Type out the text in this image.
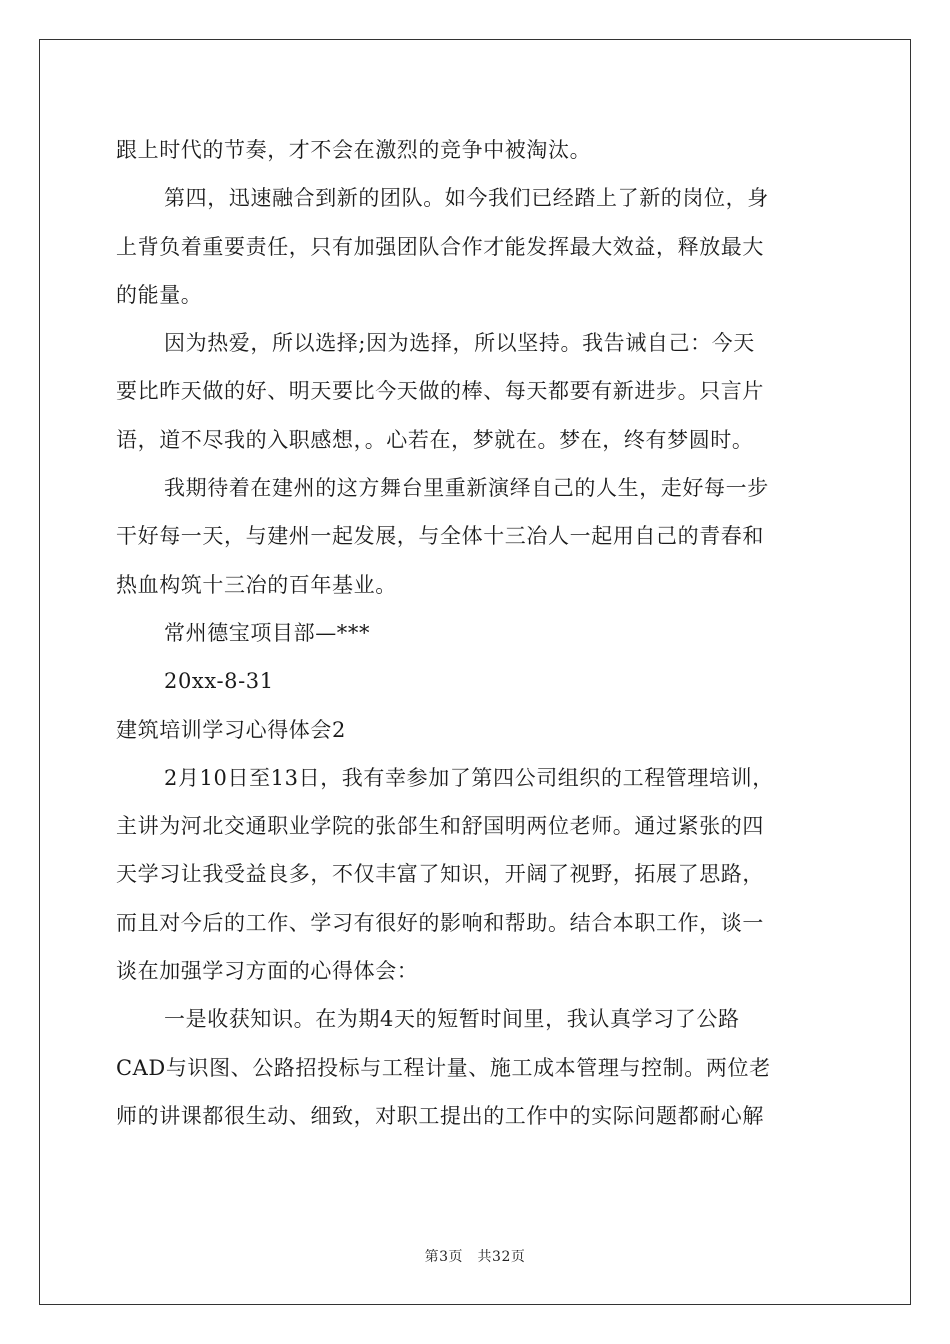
跟上时代的节奏，才不会在激烈的竞争中被淘汰。
第四，迅速融合到新的团队。如今我们已经踏上了新的岗位，身
上背负着重要责任，只有加强团队合作才能发挥最大效益，释放最大
的能量。
因为热爱，所以选择;因为选择，所以坚持。我告诫自己：今天
要比昨天做的好、明天要比今天做的棒、每天都要有新进步。只言片
语，道不尽我的入职感想，。心若在，梦就在。梦在，终有梦圆时。
我期待着在建州的这方舞台里重新演绎自己的人生，走好每一步
干好每一天，与建州一起发展，与全体十三冶人一起用自己的青春和
热血构筑十三冶的百年基业。
常州德宝项目部—***
20xx-8-31
建筑培训学习心得体会2
2月10日至13日，我有幸参加了第四公司组织的工程管理培训，
主讲为河北交通职业学院的张郃生和舒国明两位老师。通过紧张的四
天学习让我受益良多，不仅丰富了知识，开阔了视野，拓展了思路，
而且对今后的工作、学习有很好的影响和帮助。结合本职工作，谈一
谈在加强学习方面的心得体会：
一是收获知识。在为期4天的短暂时间里，我认真学习了公路
CAD与识图、公路招投标与工程计量、施工成本管理与控制。两位老
师的讲课都很生动、细致，对职工提出的工作中的实际问题都耐心解
第3页　共32页
